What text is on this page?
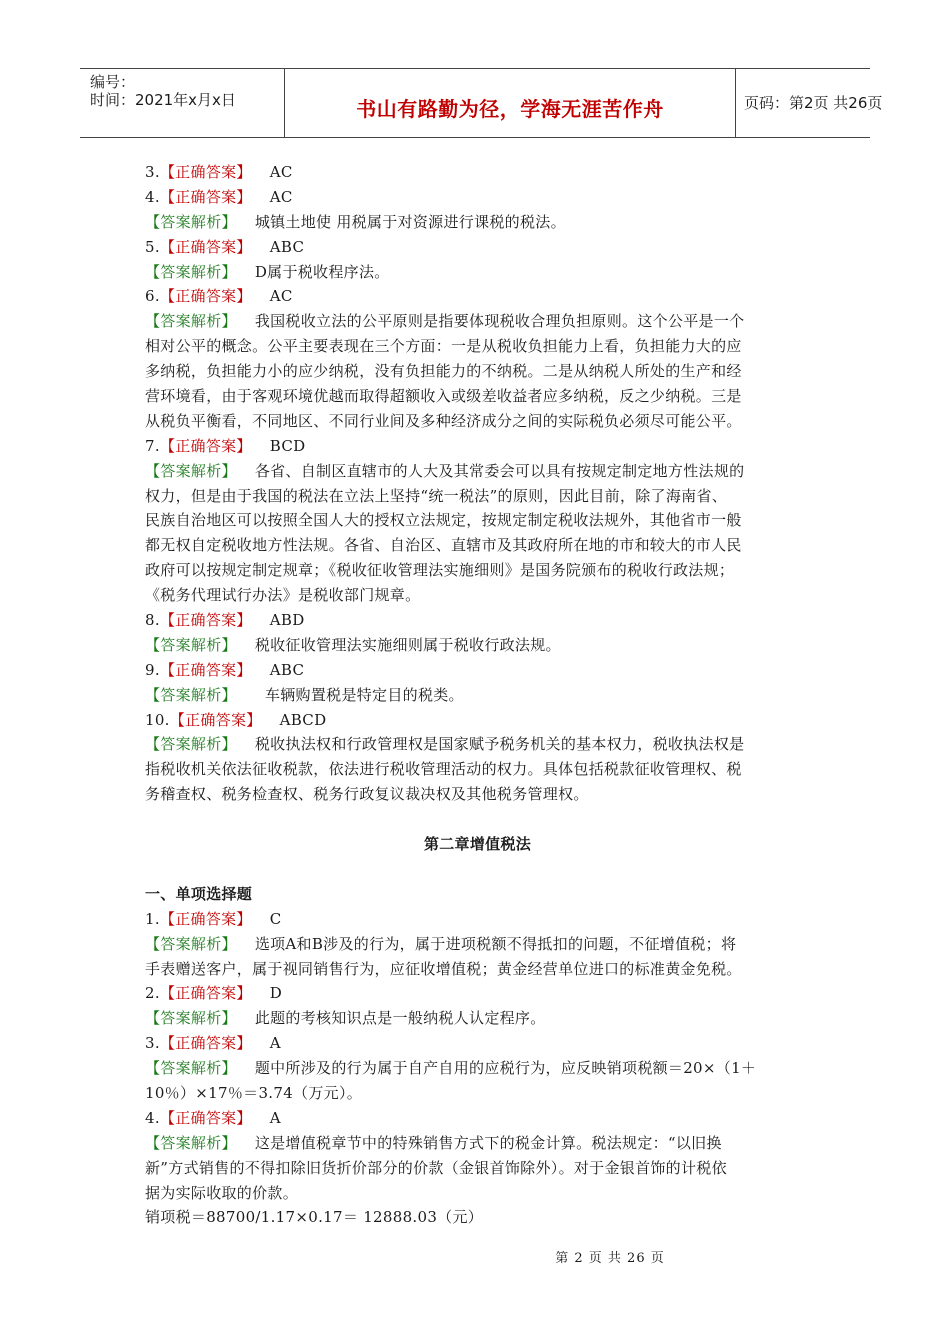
编号：
时间：2021年x月x日	书山有路勤为径，学海无涯苦作舟	页码：第2页 共26页
3.【正确答案】 AC
4.【正确答案】 AC
【答案解析】 城镇土地使 用税属于对资源进行课税的税法。
5.【正确答案】 ABC
【答案解析】 D属于税收程序法。
6.【正确答案】 AC
【答案解析】 我国税收立法的公平原则是指要体现税收合理负担原则。这个公平是一个
相对公平的概念。公平主要表现在三个方面：一是从税收负担能力上看，负担能力大的应
多纳税，负担能力小的应少纳税，没有负担能力的不纳税。二是从纳税人所处的生产和经
营环境看，由于客观环境优越而取得超额收入或级差收益者应多纳税，反之少纳税。三是
从税负平衡看，不同地区、不同行业间及多种经济成分之间的实际税负必须尽可能公平。
7.【正确答案】 BCD
【答案解析】 各省、自制区直辖市的人大及其常委会可以具有按规定制定地方性法规的
权力，但是由于我国的税法在立法上坚持“统一税法”的原则，因此目前，除了海南省、
民族自治地区可以按照全国人大的授权立法规定，按规定制定税收法规外，其他省市一般
都无权自定税收地方性法规。各省、自治区、直辖市及其政府所在地的市和较大的市人民
政府可以按规定制定规章；《税收征收管理法实施细则》是国务院颁布的税收行政法规；
《税务代理试行办法》是税收部门规章。
8.【正确答案】 ABD
【答案解析】 税收征收管理法实施细则属于税收行政法规。
9.【正确答案】 ABC
【答案解析】  车辆购置税是特定目的税类。
10.【正确答案】 ABCD
【答案解析】 税收执法权和行政管理权是国家赋予税务机关的基本权力，税收执法权是
指税收机关依法征收税款，依法进行税收管理活动的权力。具体包括税款征收管理权、税
务稽查权、税务检查权、税务行政复议裁决权及其他税务管理权。
第二章增值税法
一、单项选择题
1.【正确答案】 C
【答案解析】 选项A和B涉及的行为，属于进项税额不得抵扣的问题，不征增值税；将
手表赠送客户，属于视同销售行为，应征收增值税；黄金经营单位进口的标准黄金免税。
2.【正确答案】 D
【答案解析】 此题的考核知识点是一般纳税人认定程序。
3.【正确答案】 A
【答案解析】 题中所涉及的行为属于自产自用的应税行为，应反映销项税额＝20×（1＋
10％）×17％＝3.74（万元）。
4.【正确答案】 A
【答案解析】 这是增值税章节中的特殊销售方式下的税金计算。税法规定：“以旧换
新”方式销售的不得扣除旧货折价部分的价款（金银首饰除外）。对于金银首饰的计税依
据为实际收取的价款。
销项税＝88700/1.17×0.17＝ 12888.03（元）
第 2 页 共 26 页
